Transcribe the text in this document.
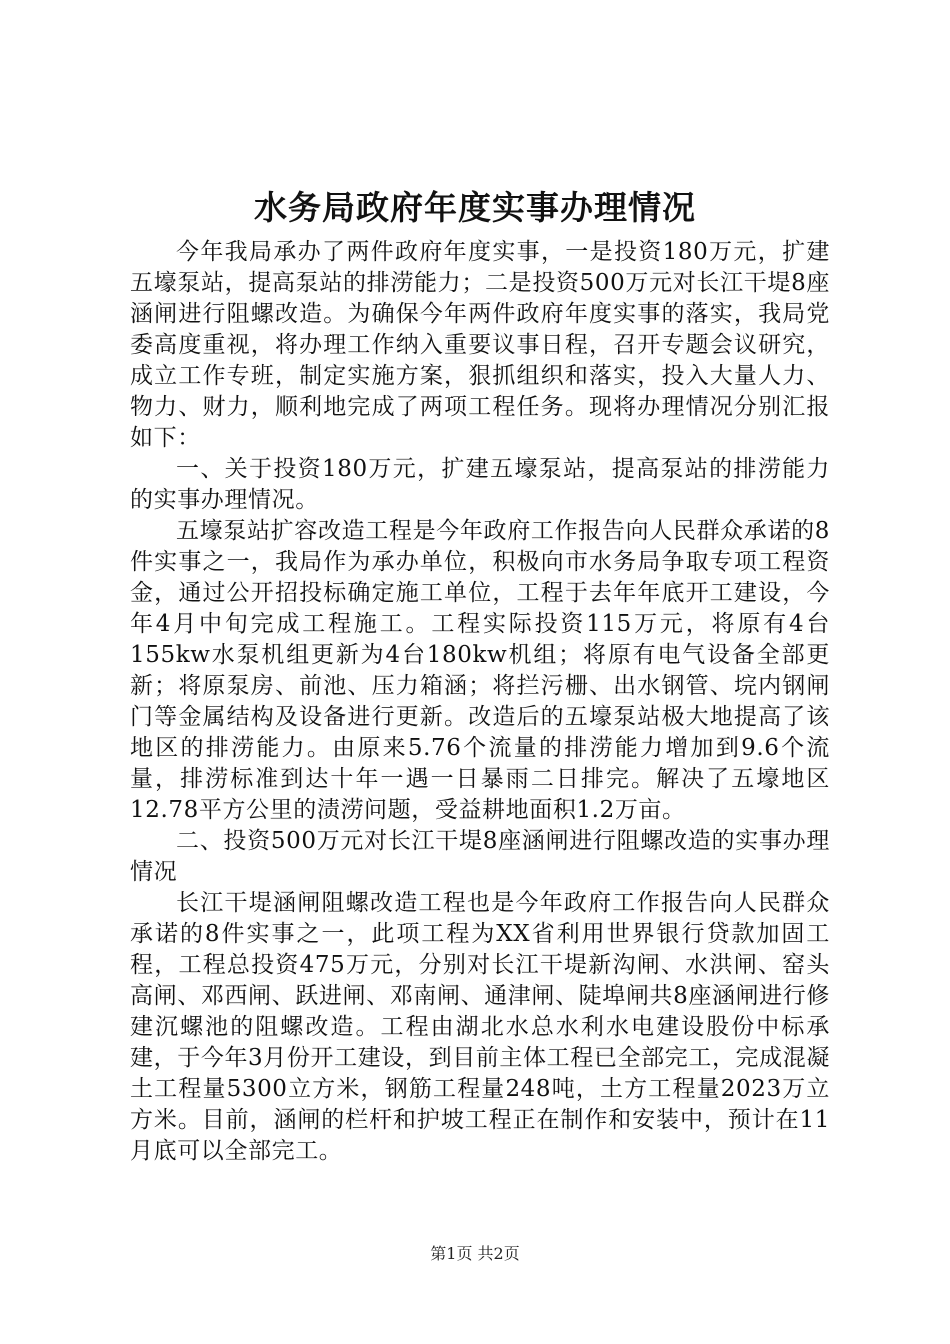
水务局政府年度实事办理情况

今年我局承办了两件政府年度实事，一是投资180万元，扩建五壕泵站，提高泵站的排涝能力；二是投资500万元对长江干堤8座涵闸进行阻螺改造。为确保今年两件政府年度实事的落实，我局党委高度重视，将办理工作纳入重要议事日程，召开专题会议研究，成立工作专班，制定实施方案，狠抓组织和落实，投入大量人力、物力、财力，顺利地完成了两项工程任务。现将办理情况分别汇报如下：

一、关于投资180万元，扩建五壕泵站，提高泵站的排涝能力的实事办理情况。

五壕泵站扩容改造工程是今年政府工作报告向人民群众承诺的8件实事之一，我局作为承办单位，积极向市水务局争取专项工程资金，通过公开招投标确定施工单位，工程于去年年底开工建设，今年4月中旬完成工程施工。工程实际投资115万元，将原有4台155kw水泵机组更新为4台180kw机组；将原有电气设备全部更新；将原泵房、前池、压力箱涵；将拦污栅、出水钢管、垸内钢闸门等金属结构及设备进行更新。改造后的五壕泵站极大地提高了该地区的排涝能力。由原来5.76个流量的排涝能力增加到9.6个流量，排涝标准到达十年一遇一日暴雨二日排完。解决了五壕地区12.78平方公里的渍涝问题，受益耕地面积1.2万亩。

二、投资500万元对长江干堤8座涵闸进行阻螺改造的实事办理情况

长江干堤涵闸阻螺改造工程也是今年政府工作报告向人民群众承诺的8件实事之一，此项工程为XX省利用世界银行贷款加固工程，工程总投资475万元，分别对长江干堤新沟闸、水洪闸、窑头高闸、邓西闸、跃进闸、邓南闸、通津闸、陡埠闸共8座涵闸进行修建沉螺池的阻螺改造。工程由湖北水总水利水电建设股份中标承建，于今年3月份开工建设，到目前主体工程已全部完工，完成混凝土工程量5300立方米，钢筋工程量248吨，土方工程量2023万立方米。目前，涵闸的栏杆和护坡工程正在制作和安装中，预计在11月底可以全部完工。

第1页 共2页
